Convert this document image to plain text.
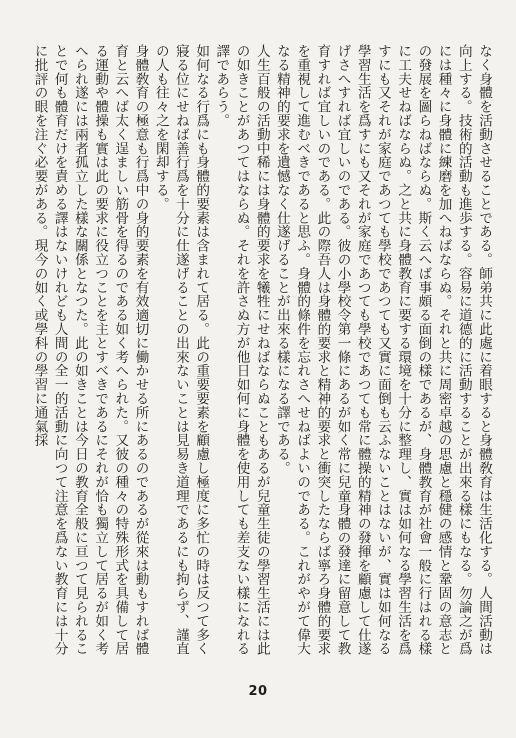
なく身體を活動させることである。師弟共に此處に着眼すると身體敎育は生活化する。人間活動は向上する。技術的活動も進歩する。容易に道德的に活動することが出來る樣にもなる。勿論之が爲には種々に身體に練磨を加へねばならぬ。それと共に周密卓越の思慮と穩健の感情と鞏固の意志との發展を圖らねばならぬ。斯く云へば事頗る面倒の樣であるが、身體教育が社會一般に行はれる樣に工夫せねばならぬ。之と共に身體教育に要する環境を十分に整理し、實は如何なる學習生活を爲すにも又それが家庭であつても學校であつても又實に面倒も云ふないことはないが、實は如何なる學習生活を爲すにも又それが家庭であつても學校であつても常に體操的精神の發揮を顧慮して仕遂げさへすれば宜しいのである。彼の小學校令第一條にあるが如く常に兒童身體の發達に留意して教育すれば宜しいのである。此の際吾人は身體的要求と精神的要求と衝突したならば寧ろ身體的要求を重視して進むべきであると思ふ。身體的條件を忘れさへせねばよいのである。これがやがて偉大なる精神的要求を遺憾なく仕遂げることが出來る樣になる譯である。

人生百般の活動中稀には身體的要求を犧牲にせねばならぬこともあるが兒童生徒の學習生活には此の如きことがあつてはならぬ。それを許さぬ方が他日如何に身體を使用しても差支ない樣になれる譯であらう。

如何なる行爲にも身體的要素は含まれて居る。此の重要要素を顧慮し極度に多忙の時は反つて多く寢る位にせねば善行爲を十分に仕遂げることの出來ないことは見易き道理であるにも拘らず、謹直の人も往々之を閑却する。

身體敎育の極意も行爲中の身的要素を有效適切に働かせる所にあるのであるが從來は動もすれば體育と云へば太く逞ましい筋骨を得るのである如く考へられた。又彼の種々の特殊形式を具備して居る運動や體操も實は此の要求に役立つことを主とすべきであるにそれが恰も獨立して居るが如く考へられ遂には兩者孤立した樣な關係となつた。此の如きことは今日の教育全般に亘つて見られることで何も體育だけを責める譯はないけれども人間の全一的活動に向つて注意を爲ない教育には十分に批評の眼を注ぐ必要がある。現今の如く或學科の學習に通氣採

20
